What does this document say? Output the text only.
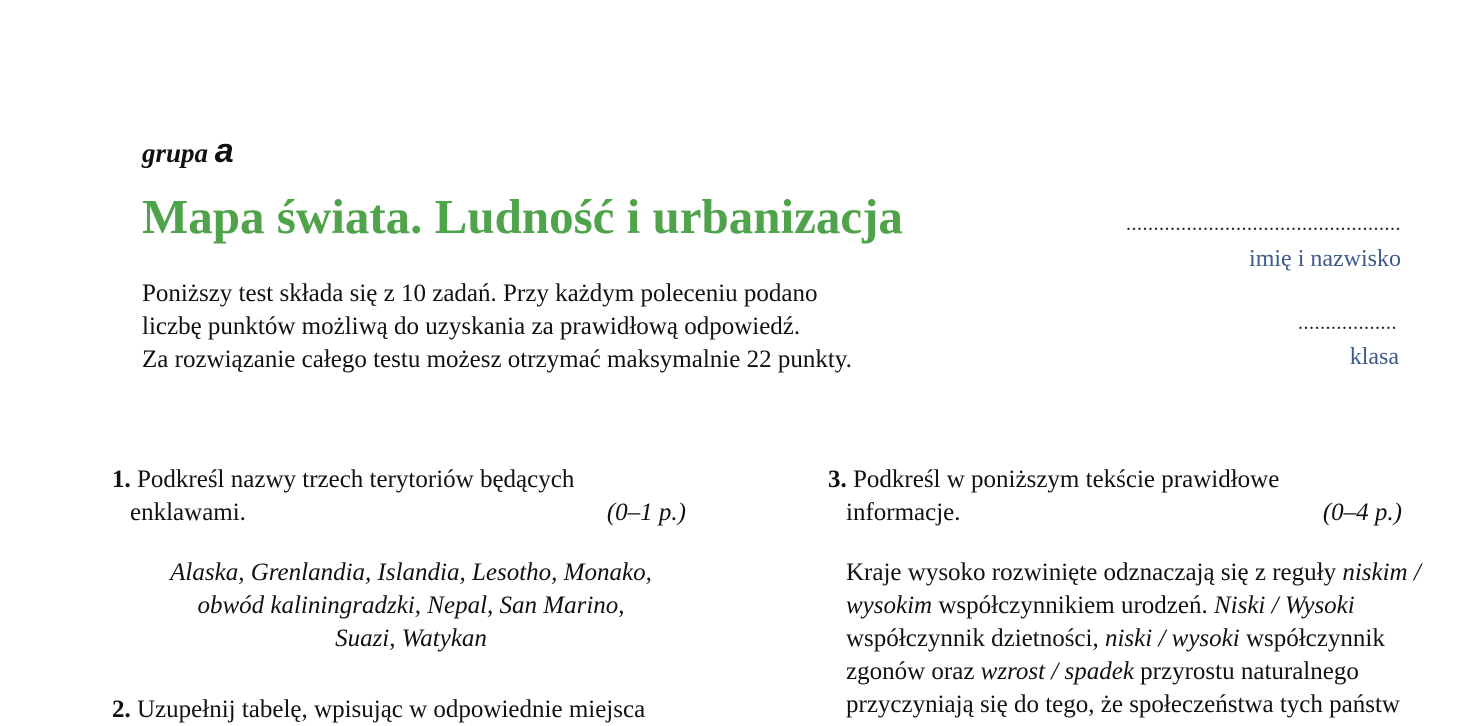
grupa a
Mapa świata. Ludność i urbanizacja	..................................................
imię i nazwisko
..................
klasa
Poniższy test składa się z 10 zadań. Przy każdym poleceniu podano
liczbę punktów możliwą do uzyskania za prawidłową odpowiedź.
Za rozwiązanie całego testu możesz otrzymać maksymalnie 22 punkty.
1. Podkreśl nazwy trzech terytoriów będących
enklawami.	(0–1 p.)
Alaska, Grenlandia, Islandia, Lesotho, Monako,
obwód kaliningradzki, Nepal, San Marino,
Suazi, Watykan
2. Uzupełnij tabelę, wpisując w odpowiednie miejsca
3. Podkreśl w poniższym tekście prawidłowe
informacje.	(0–4 p.)
Kraje wysoko rozwinięte odznaczają się z reguły niskim / wysokim współczynnikiem urodzeń. Niski / Wysoki współczynnik dzietności, niski / wysoki współczynnik zgonów oraz wzrost / spadek przyrostu naturalnego przyczyniają się do tego, że społeczeństwa tych państw
